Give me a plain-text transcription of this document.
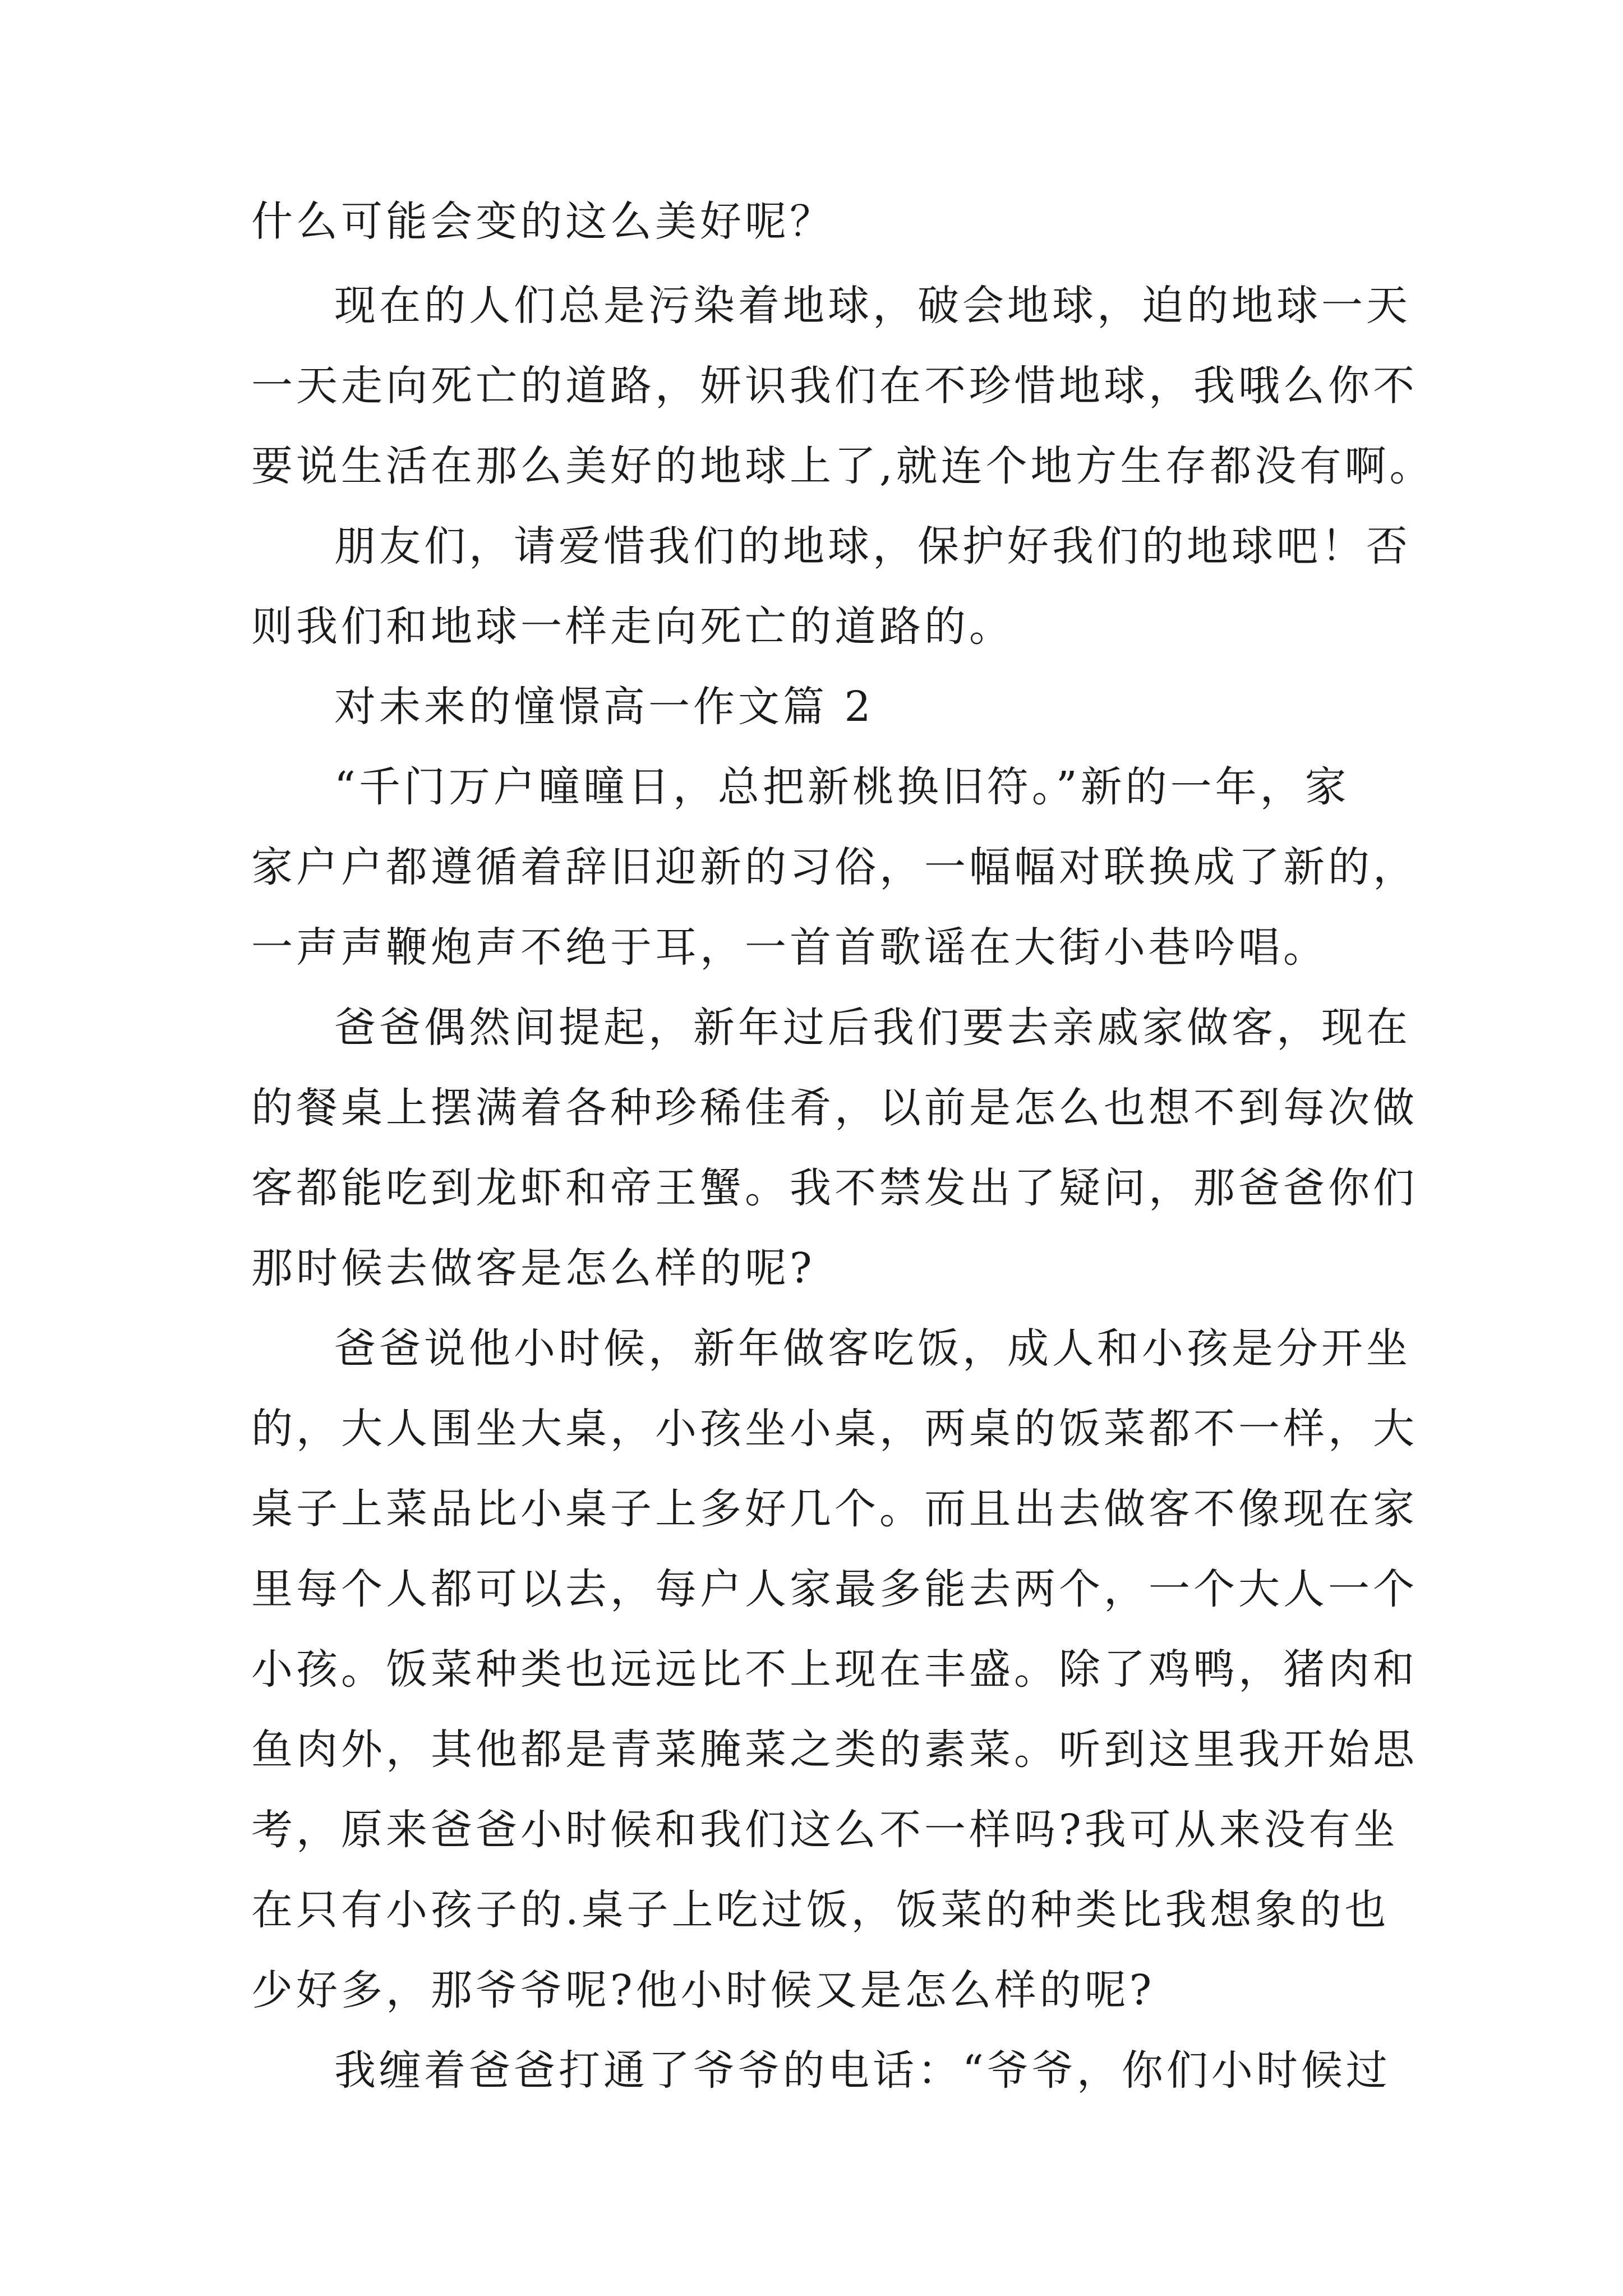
什么可能会变的这么美好呢？
现在的人们总是污染着地球，破会地球，迫的地球一天
一天走向死亡的道路，妍识我们在不珍惜地球，我哦么你不
要说生活在那么美好的地球上了,就连个地方生存都没有啊。
朋友们，请爱惜我们的地球，保护好我们的地球吧！否
则我们和地球一样走向死亡的道路的。
对未来的憧憬高一作文篇 2
“千门万户曈曈日，总把新桃换旧符。”新的一年，家
家户户都遵循着辞旧迎新的习俗，一幅幅对联换成了新的，
一声声鞭炮声不绝于耳，一首首歌谣在大街小巷吟唱。
爸爸偶然间提起，新年过后我们要去亲戚家做客，现在
的餐桌上摆满着各种珍稀佳肴，以前是怎么也想不到每次做
客都能吃到龙虾和帝王蟹。我不禁发出了疑问，那爸爸你们
那时候去做客是怎么样的呢?
爸爸说他小时候，新年做客吃饭，成人和小孩是分开坐
的，大人围坐大桌，小孩坐小桌，两桌的饭菜都不一样，大
桌子上菜品比小桌子上多好几个。而且出去做客不像现在家
里每个人都可以去，每户人家最多能去两个，一个大人一个
小孩。饭菜种类也远远比不上现在丰盛。除了鸡鸭，猪肉和
鱼肉外，其他都是青菜腌菜之类的素菜。听到这里我开始思
考，原来爸爸小时候和我们这么不一样吗?我可从来没有坐
在只有小孩子的.桌子上吃过饭，饭菜的种类比我想象的也
少好多，那爷爷呢?他小时候又是怎么样的呢?
我缠着爸爸打通了爷爷的电话：“爷爷，你们小时候过
